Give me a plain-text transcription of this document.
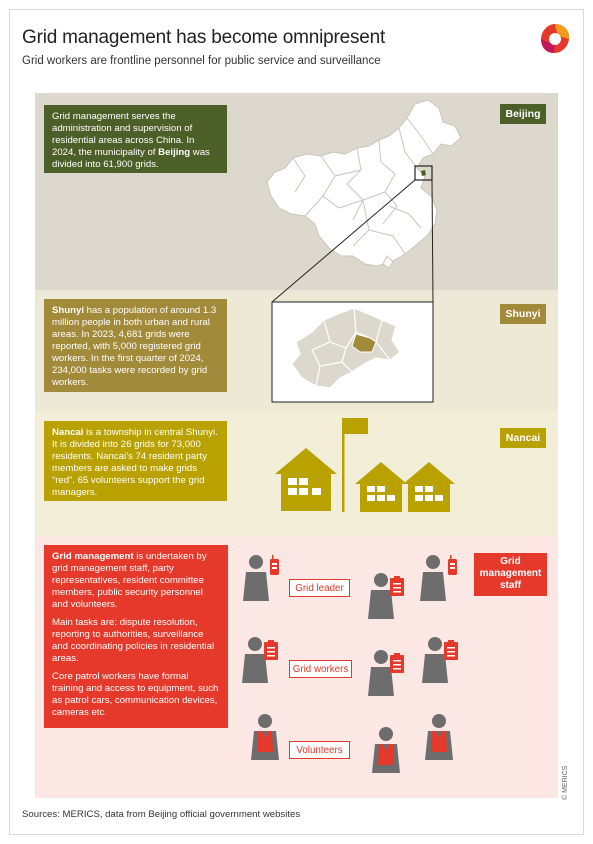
Grid management has become omnipresent
Grid workers are frontline personnel for public service and surveillance
Grid management serves the administration and supervision of residential areas across China. In 2024, the municipality of Beijing was divided into 61,900 grids.
Shunyi has a population of around 1.3 million people in both urban and rural areas. In 2023, 4,681 grids were reported, with 5,000 registered grid workers. In the first quarter of 2024, 234,000 tasks were recorded by grid workers.
Nancai is a township in central Shunyi. It is divided into 26 grids for 73,000 residents. Nancai’s 74 resident party members are asked to make grids “red”. 65 volunteers support the grid managers.

Grid management is undertaken by grid management staff, party representatives, resident committee members, public security personnel and volunteers.

Main tasks are: dispute resolution, reporting to authorities, surveillance and coordinating policies in residential areas.

Core patrol workers have formal training and access to equipment, such as patrol cars, communication devices, cameras etc.

Beijing
Shunyi
Nancai
Grid management staff
Grid leader
Grid workers
Volunteers
Sources: MERICS, data from Beijing official government websites
© MERICS
